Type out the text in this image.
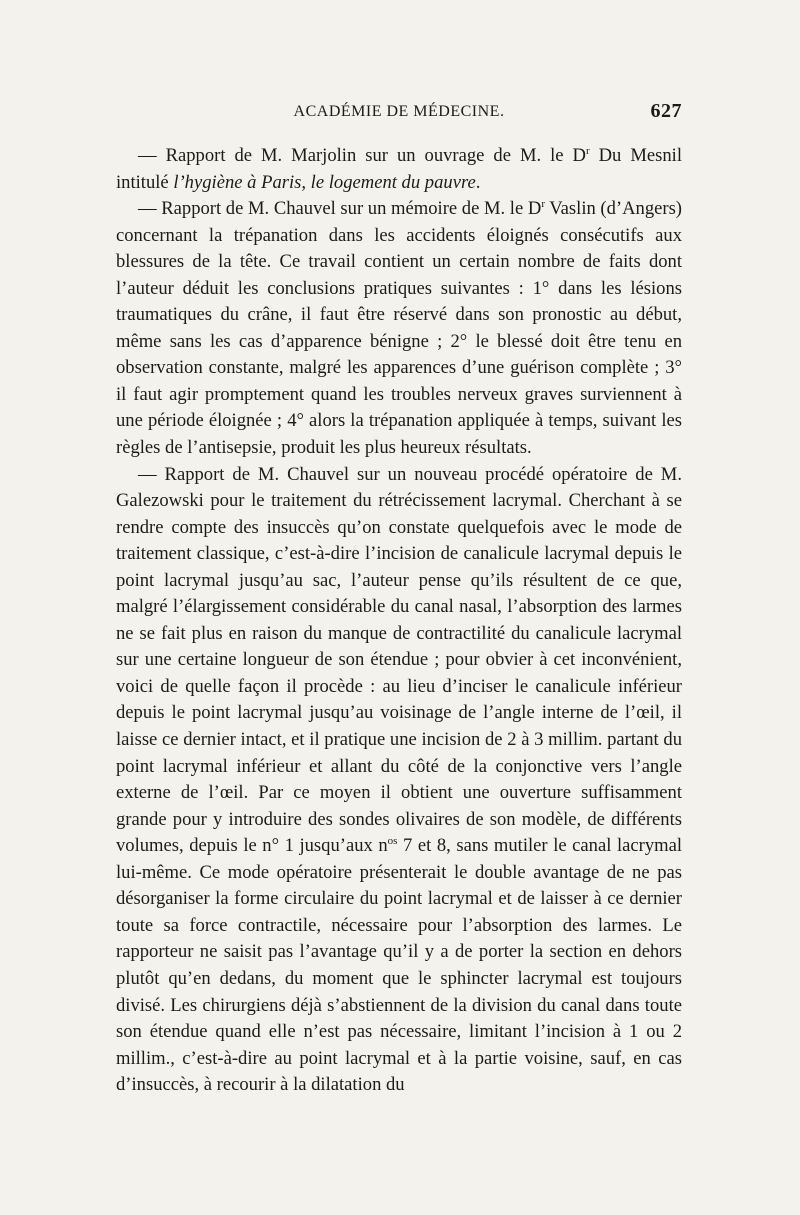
ACADÉMIE DE MÉDECINE.	627

— Rapport de M. Marjolin sur un ouvrage de M. le $D^r$ Du Mesnil intitulé l’hygiène à Paris, le logement du pauvre.

— Rapport de M. Chauvel sur un mémoire de M. le $D^r$ Vaslin (d’Angers) concernant la trépanation dans les accidents éloignés consécutifs aux blessures de la tête. Ce travail contient un certain nombre de faits dont l’auteur déduit les conclusions pratiques suivantes : 1° dans les lésions traumatiques du crâne, il faut être réservé dans son pronostic au début, même sans les cas d’apparence bénigne ; 2° le blessé doit être tenu en observation constante, malgré les apparences d’une guérison complète ; 3° il faut agir promptement quand les troubles nerveux graves surviennent à une période éloignée ; 4° alors la trépanation appliquée à temps, suivant les règles de l’antisepsie, produit les plus heureux résultats.

— Rapport de M. Chauvel sur un nouveau procédé opératoire de M. Galezowski pour le traitement du rétrécissement lacrymal. Cherchant à se rendre compte des insuccès qu’on constate quelquefois avec le mode de traitement classique, c’est-à-dire l’incision de canalicule lacrymal depuis le point lacrymal jusqu’au sac, l’auteur pense qu’ils résultent de ce que, malgré l’élargissement considérable du canal nasal, l’absorption des larmes ne se fait plus en raison du manque de contractilité du canalicule lacrymal sur une certaine longueur de son étendue ; pour obvier à cet inconvénient, voici de quelle façon il procède : au lieu d’inciser le canalicule inférieur depuis le point lacrymal jusqu’au voisinage de l’angle interne de l’œil, il laisse ce dernier intact, et il pratique une incision de 2 à 3 millim. partant du point lacrymal inférieur et allant du côté de la conjonctive vers l’angle externe de l’œil. Par ce moyen il obtient une ouverture suffisamment grande pour y introduire des sondes olivaires de son modèle, de différents volumes, depuis le n° 1 jusqu’aux $n^{os}$ 7 et 8, sans mutiler le canal lacrymal lui-même. Ce mode opératoire présenterait le double avantage de ne pas désorganiser la forme circulaire du point lacrymal et de laisser à ce dernier toute sa force contractile, nécessaire pour l’absorption des larmes. Le rapporteur ne saisit pas l’avantage qu’il y a de porter la section en dehors plutôt qu’en dedans, du moment que le sphincter lacrymal est toujours divisé. Les chirurgiens déjà s’abstiennent de la division du canal dans toute son étendue quand elle n’est pas nécessaire, limitant l’incision à 1 ou 2 millim., c’est-à-dire au point lacrymal et à la partie voisine, sauf, en cas d’insuccès, à recourir à la dilatation du
